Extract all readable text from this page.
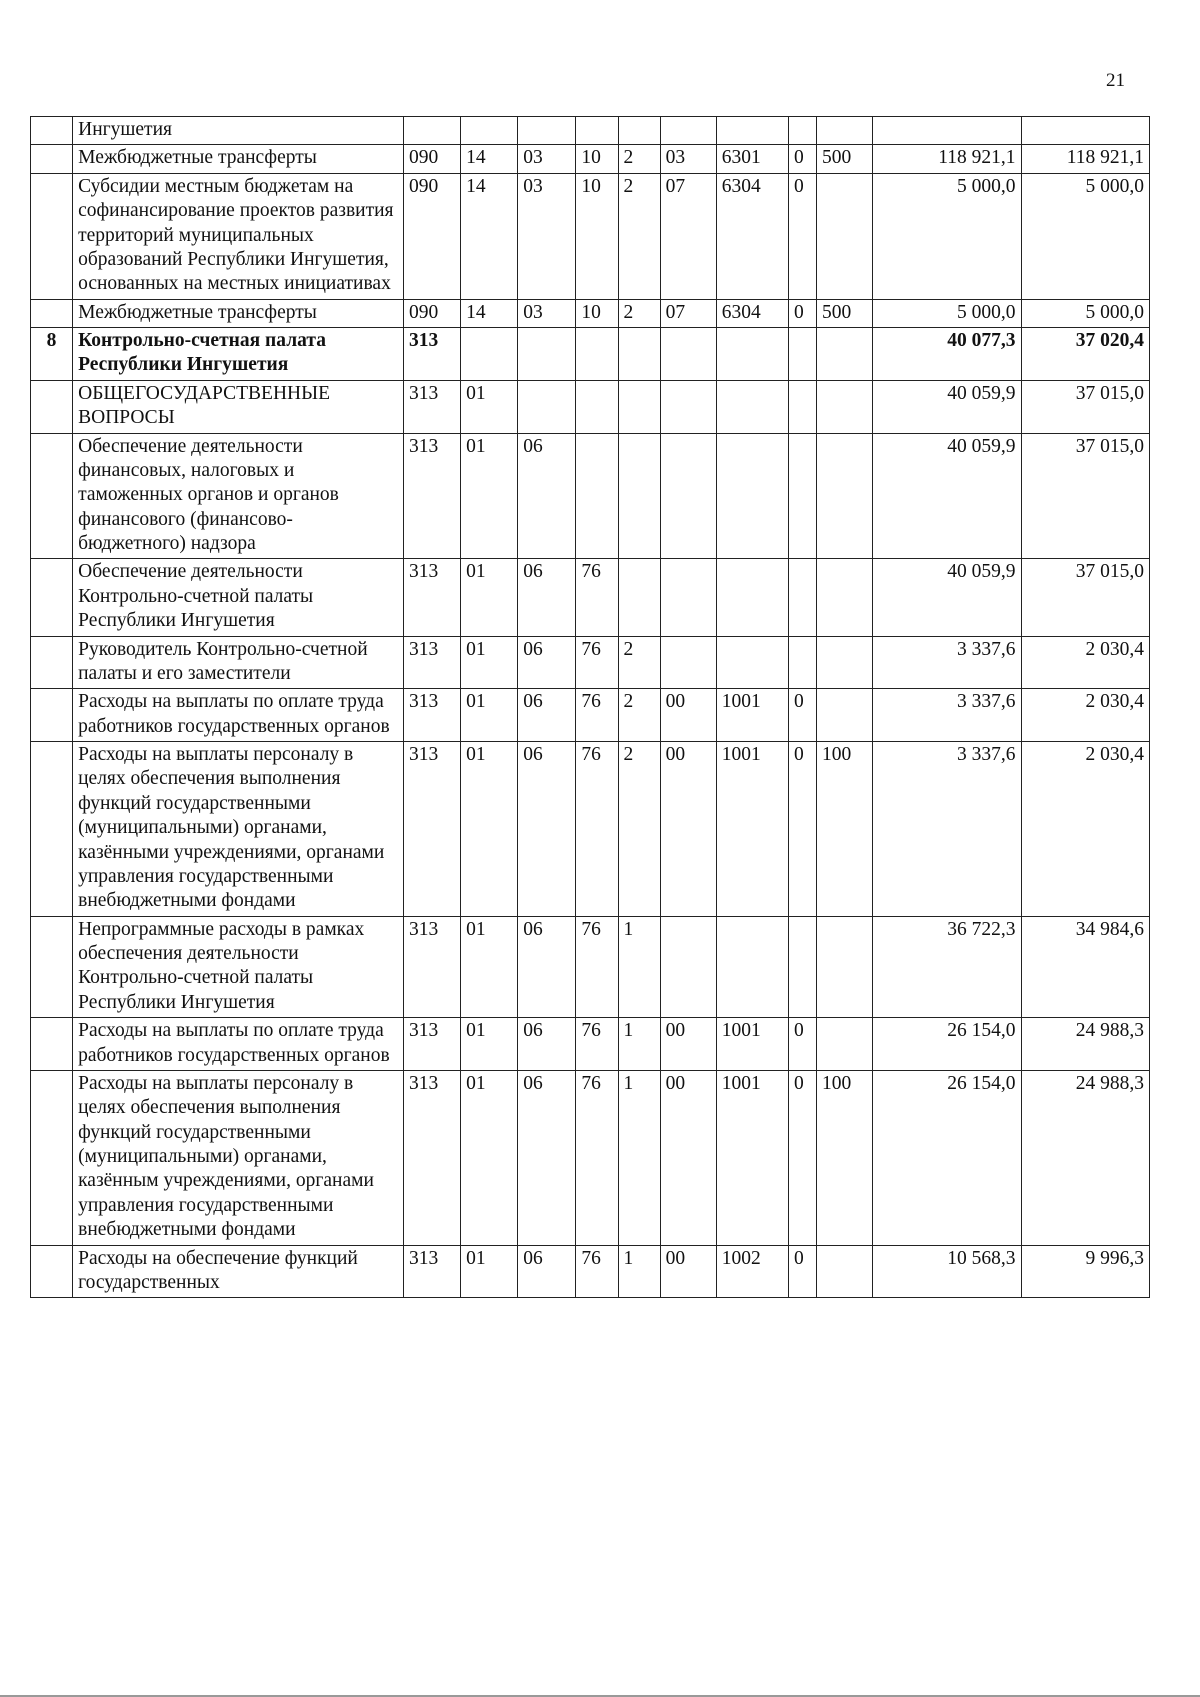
21
	Ингушетия											
	Межбюджетные трансферты	090	14	03	10	2	03	6301	0	500	118 921,1	118 921,1
	Субсидии местным бюджетам на софинансирование проектов развития территорий муниципальных образований Республики Ингушетия, основанных на местных инициативах	090	14	03	10	2	07	6304	0		5 000,0	5 000,0
	Межбюджетные трансферты	090	14	03	10	2	07	6304	0	500	5 000,0	5 000,0
8	Контрольно-счетная палата Республики Ингушетия	313									40 077,3	37 020,4
	ОБЩЕГОСУДАРСТВЕННЫЕ ВОПРОСЫ	313	01								40 059,9	37 015,0
	Обеспечение деятельности финансовых, налоговых и таможенных органов и органов финансового (финансово-бюджетного) надзора	313	01	06							40 059,9	37 015,0
	Обеспечение деятельности Контрольно-счетной палаты Республики Ингушетия	313	01	06	76						40 059,9	37 015,0
	Руководитель Контрольно-счетной палаты и его заместители	313	01	06	76	2					3 337,6	2 030,4
	Расходы на выплаты по оплате труда работников государственных органов	313	01	06	76	2	00	1001	0		3 337,6	2 030,4
	Расходы на выплаты персоналу в целях обеспечения выполнения функций государственными (муниципальными) органами, казёнными учреждениями, органами управления государственными внебюджетными фондами	313	01	06	76	2	00	1001	0	100	3 337,6	2 030,4
	Непрограммные расходы в рамках обеспечения деятельности Контрольно-счетной палаты Республики Ингушетия	313	01	06	76	1					36 722,3	34 984,6
	Расходы на выплаты по оплате труда работников государственных органов	313	01	06	76	1	00	1001	0		26 154,0	24 988,3
	Расходы на выплаты персоналу в целях обеспечения выполнения функций государственными (муниципальными) органами, казённым учреждениями, органами управления государственными внебюджетными фондами	313	01	06	76	1	00	1001	0	100	26 154,0	24 988,3
	Расходы на обеспечение функций государственных	313	01	06	76	1	00	1002	0		10 568,3	9 996,3
